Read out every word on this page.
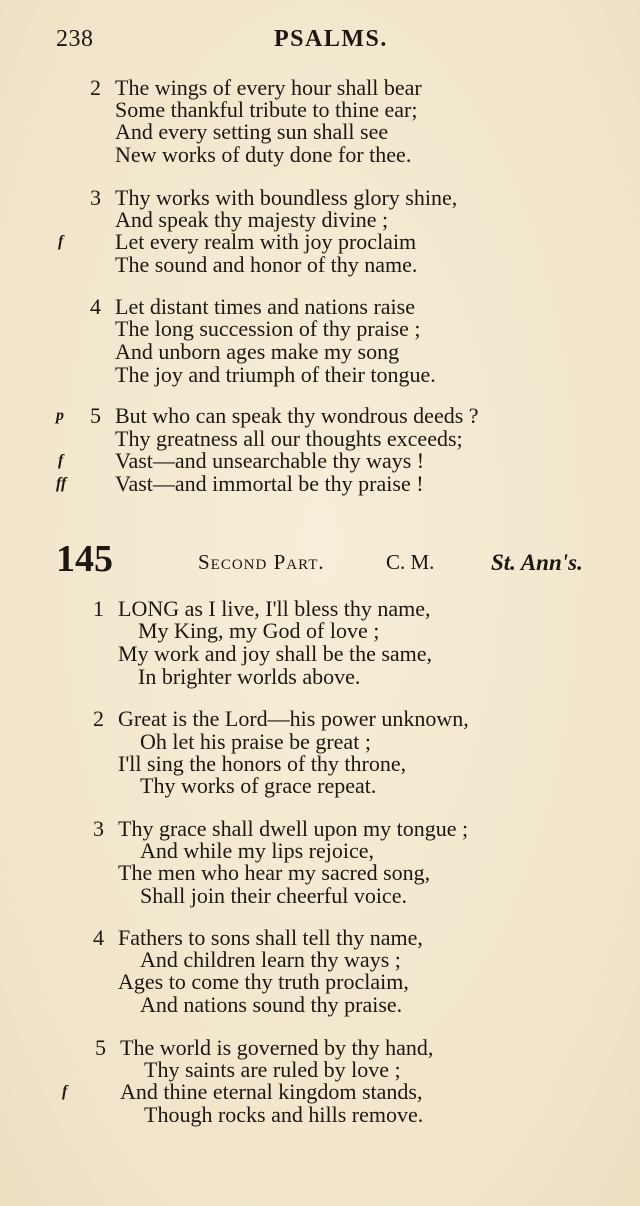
238	PSALMS.
2 The wings of every hour shall bear
Some thankful tribute to thine ear;
And every setting sun shall see
New works of duty done for thee.
3 Thy works with boundless glory shine,
And speak thy majesty divine ;
f Let every realm with joy proclaim
The sound and honor of thy name.
4 Let distant times and nations raise
The long succession of thy praise ;
And unborn ages make my song
The joy and triumph of their tongue.
p 5 But who can speak thy wondrous deeds ?
Thy greatness all our thoughts exceeds;
f Vast—and unsearchable thy ways !
ff Vast—and immortal be thy praise !
145	Second Part.	C. M. St. Ann's.
1 LONG as I live, I'll bless thy name,
My King, my God of love ;
My work and joy shall be the same,
In brighter worlds above.
2 Great is the Lord—his power unknown,
Oh let his praise be great ;
I'll sing the honors of thy throne,
Thy works of grace repeat.
3 Thy grace shall dwell upon my tongue ;
And while my lips rejoice,
The men who hear my sacred song,
Shall join their cheerful voice.
4 Fathers to sons shall tell thy name,
And children learn thy ways ;
Ages to come thy truth proclaim,
And nations sound thy praise.
5 The world is governed by thy hand,
Thy saints are ruled by love ;
f And thine eternal kingdom stands,
Though rocks and hills remove.
